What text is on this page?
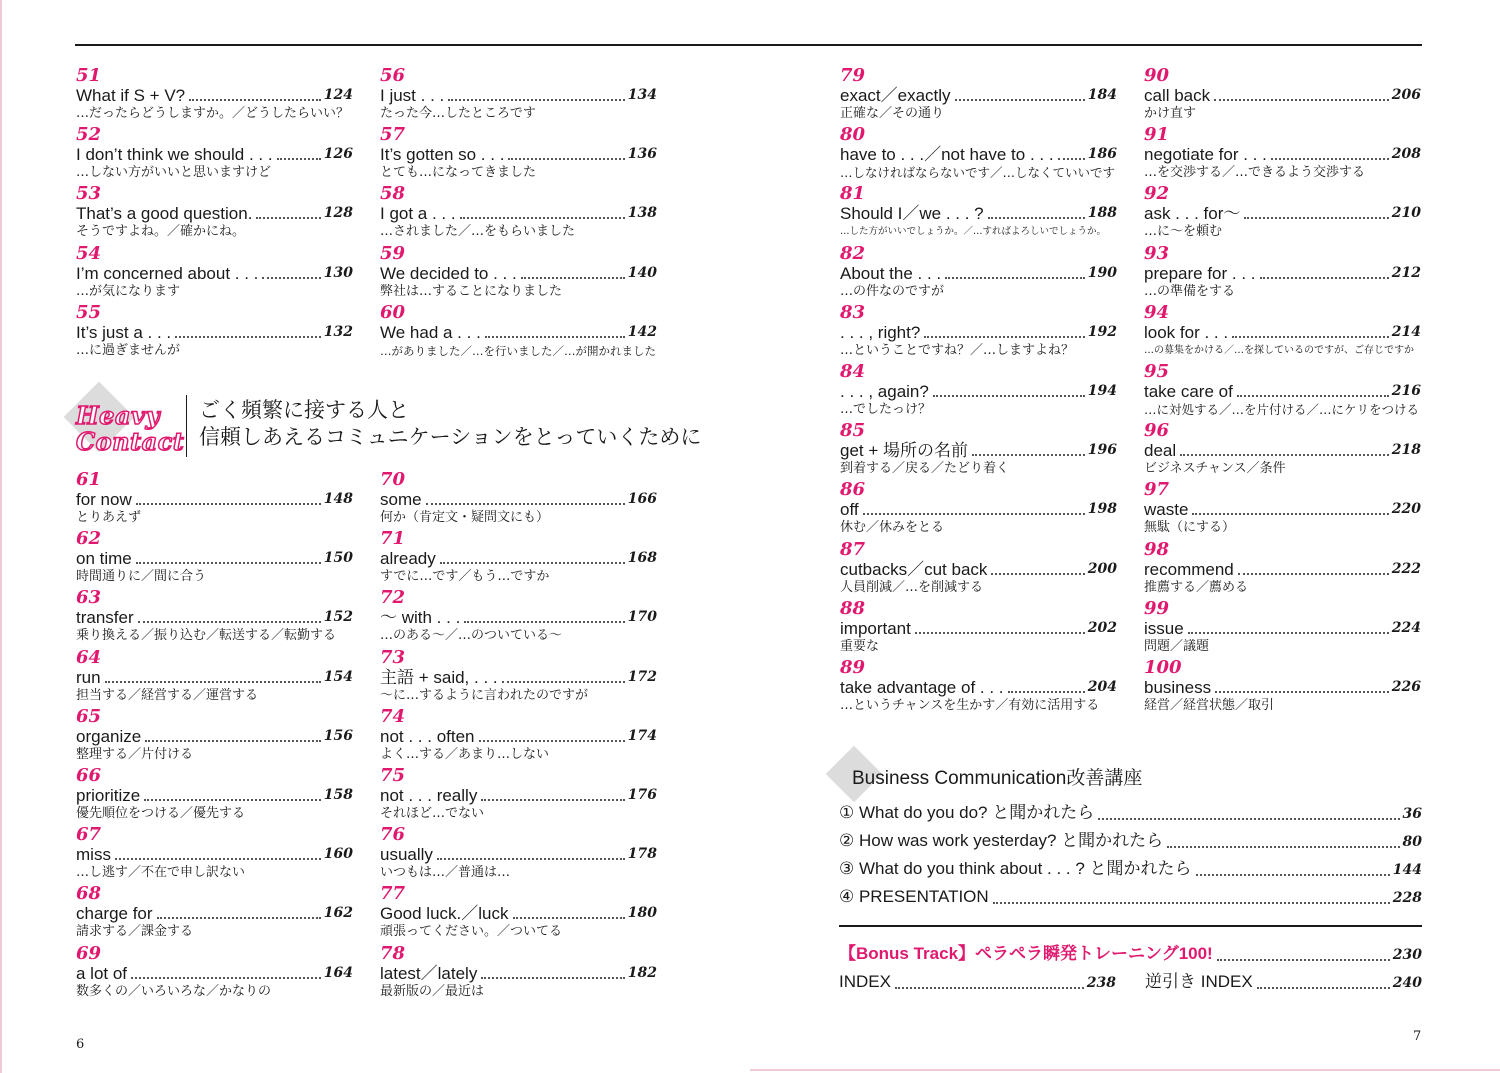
51
What if S + V?	124
…だったらどうしますか。／どうしたらいい？
52
I don’t think we should . . .	126
…しない方がいいと思いますけど
53
That’s a good question.	128
そうですよね。／確かにね。
54
I’m concerned about . . .	130
…が気になります
55
It’s just a . . .	132
…に過ぎませんが
56
I just . . .	134
たった今…したところです
57
It’s gotten so . . .	136
とても…になってきました
58
I got a . . .	138
…されました／…をもらいました
59
We decided to . . .	140
弊社は…することになりました
60
We had a . . .	142
…がありました／…を行いました／…が開かれました
Heavy
Contact
ごく頻繁に接する人と
信頼しあえるコミュニケーションをとっていくために
61
for now	148
とりあえず
62
on time	150
時間通りに／間に合う
63
transfer	152
乗り換える／振り込む／転送する／転勤する
64
run	154
担当する／経営する／運営する
65
organize	156
整理する／片付ける
66
prioritize	158
優先順位をつける／優先する
67
miss	160
…し逃す／不在で申し訳ない
68
charge for	162
請求する／課金する
69
a lot of	164
数多くの／いろいろな／かなりの
70
some	166
何か（肯定文・疑問文にも）
71
already	168
すでに…です／もう…ですか
72
～ with . . .	170
…のある～／…のついている～
73
主語 + said, . . .	172
～に…するように言われたのですが
74
not . . . often	174
よく…する／あまり…しない
75
not . . . really	176
それほど…でない
76
usually	178
いつもは…／普通は…
77
Good luck.／luck	180
頑張ってください。／ついてる
78
latest／lately	182
最新版の／最近は
79
exact／exactly	184
正確な／その通り
80
have to . . .／not have to . . . 186
…しなければならないです／…しなくていいです
81
Should I／we . . . ?	188
…した方がいいでしょうか。／…すればよろしいでしょうか。
82
About the . . .	190
…の件なのですが
83
. . . , right?	192
…ということですね？／…しますよね？
84
. . . , again?	194
…でしたっけ？
85
get + 場所の名前	196
到着する／戻る／たどり着く
86
off	198
休む／休みをとる
87
cutbacks／cut back	200
人員削減／…を削減する
88
important	202
重要な
89
take advantage of . . .	204
…というチャンスを生かす／有効に活用する
90
call back	206
かけ直す
91
negotiate for . . .	208
…を交渉する／…できるよう交渉する
92
ask . . . for～	210
…に～を頼む
93
prepare for . . .	212
…の準備をする
94
look for . . .	214
…の募集をかける／…を探しているのですが、ご存じですか
95
take care of	216
…に対処する／…を片付ける／…にケリをつける
96
deal	218
ビジネスチャンス／条件
97
waste	220
無駄（にする）
98
recommend	222
推薦する／薦める
99
issue	224
問題／議題
100
business	226
経営／経営状態／取引
Business Communication改善講座
① What do you do? と聞かれたら	36
② How was work yesterday? と聞かれたら	80
③ What do you think about . . . ? と聞かれたら	144
④ PRESENTATION	228
【Bonus Track】ペラペラ瞬発トレーニング100!	230
INDEX	238 逆引き INDEX	240
6
7
